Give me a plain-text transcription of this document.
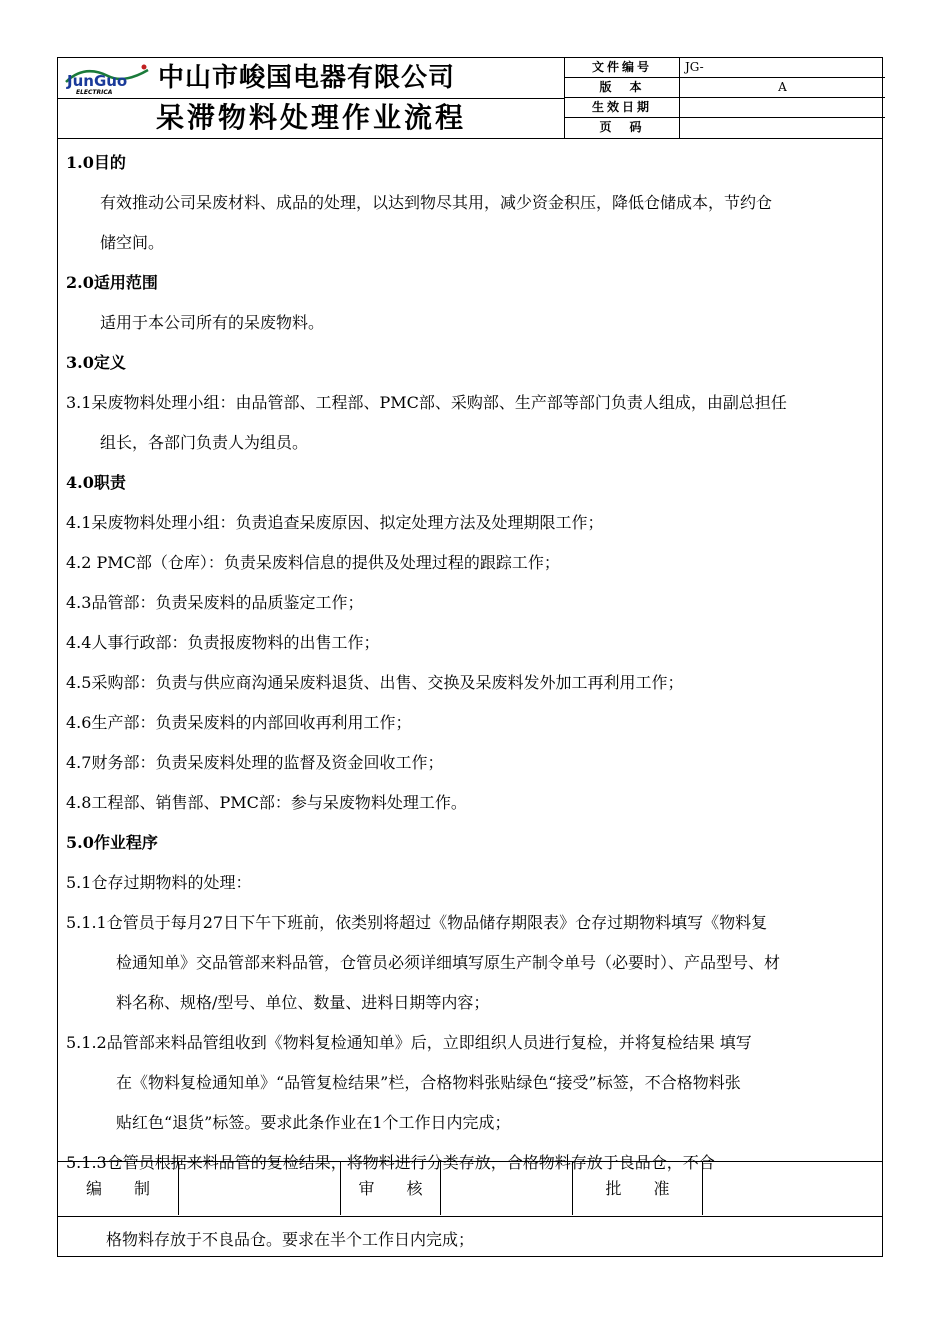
JunGuo
ELECTRICA 中山市峻国电器有限公司
呆滞物料处理作业流程
文件编号	JG-
版　本	A
生效日期
页　码
1.0目的
有效推动公司呆废材料、成品的处理，以达到物尽其用，减少资金积压，降低仓储成本，节约仓
储空间。
2.0适用范围
适用于本公司所有的呆废物料。
3.0定义
3.1呆废物料处理小组：由品管部、工程部、PMC部、采购部、生产部等部门负责人组成，由副总担任
组长，各部门负责人为组员。
4.0职责
4.1呆废物料处理小组：负责追查呆废原因、拟定处理方法及处理期限工作；
4.2 PMC部（仓库）：负责呆废料信息的提供及处理过程的跟踪工作；
4.3品管部：负责呆废料的品质鉴定工作；
4.4人事行政部：负责报废物料的出售工作；
4.5采购部：负责与供应商沟通呆废料退货、出售、交换及呆废料发外加工再利用工作；
4.6生产部：负责呆废料的内部回收再利用工作；
4.7财务部：负责呆废料处理的监督及资金回收工作；
4.8工程部、销售部、PMC部：参与呆废物料处理工作。
5.0作业程序
5.1仓存过期物料的处理：
5.1.1仓管员于每月27日下午下班前，依类别将超过《物品储存期限表》仓存过期物料填写《物料复
检通知单》交品管部来料品管，仓管员必须详细填写原生产制令单号（必要时）、产品型号、材
料名称、规格/型号、单位、数量、进料日期等内容；
5.1.2品管部来料品管组收到《物料复检通知单》后，立即组织人员进行复检，并将复检结果 填写
在《物料复检通知单》“品管复检结果”栏，合格物料张贴绿色“接受”标签，不合格物料张
贴红色“退货”标签。要求此条作业在1个工作日内完成；
5.1.3仓管员根据来料品管的复检结果，将物料进行分类存放，合格物料存放于良品仓，不合
编　　制	审　　核	批　　准
格物料存放于不良品仓。要求在半个工作日内完成；
